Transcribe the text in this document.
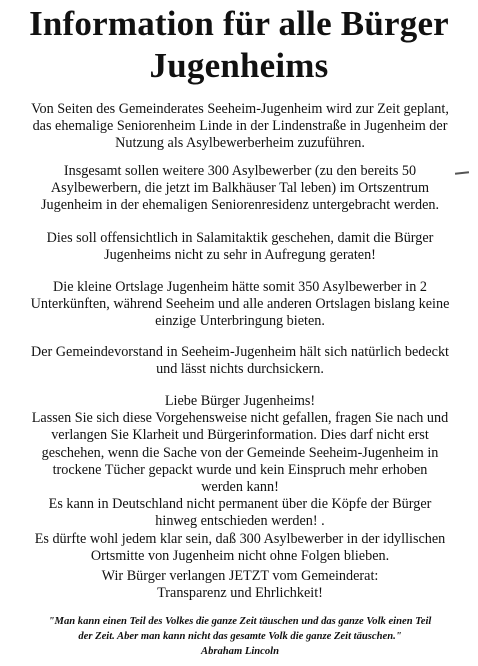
Information für alle Bürger
Jugenheims
Von Seiten des Gemeinderates Seeheim-Jugenheim wird zur Zeit geplant,
das ehemalige Seniorenheim Linde in der Lindenstraße in Jugenheim der
Nutzung als Asylbewerberheim zuzuführen.
Insgesamt sollen weitere 300 Asylbewerber (zu den bereits 50
Asylbewerbern, die jetzt im Balkhäuser Tal leben) im Ortszentrum
Jugenheim in der ehemaligen Seniorenresidenz untergebracht werden.
Dies soll offensichtlich in Salamitaktik geschehen, damit die Bürger
Jugenheims nicht zu sehr in Aufregung geraten!
Die kleine Ortslage Jugenheim hätte somit 350 Asylbewerber in 2
Unterkünften, während Seeheim und alle anderen Ortslagen bislang keine
einzige Unterbringung bieten.
Der Gemeindevorstand in Seeheim-Jugenheim hält sich natürlich bedeckt
und lässt nichts durchsickern.
Liebe Bürger Jugenheims!
Lassen Sie sich diese Vorgehensweise nicht gefallen, fragen Sie nach und
verlangen Sie Klarheit und Bürgerinformation. Dies darf nicht erst
geschehen, wenn die Sache von der Gemeinde Seeheim-Jugenheim in
trockene Tücher gepackt wurde und kein Einspruch mehr erhoben
werden kann!
Es kann in Deutschland nicht permanent über die Köpfe der Bürger
hinweg entschieden werden! .
Es dürfte wohl jedem klar sein, daß 300 Asylbewerber in der idyllischen
Ortsmitte von Jugenheim nicht ohne Folgen blieben.
Wir Bürger verlangen JETZT vom Gemeinderat:
Transparenz und Ehrlichkeit!
"Man kann einen Teil des Volkes die ganze Zeit täuschen und das ganze Volk einen Teil
der Zeit. Aber man kann nicht das gesamte Volk die ganze Zeit täuschen."
Abraham Lincoln
